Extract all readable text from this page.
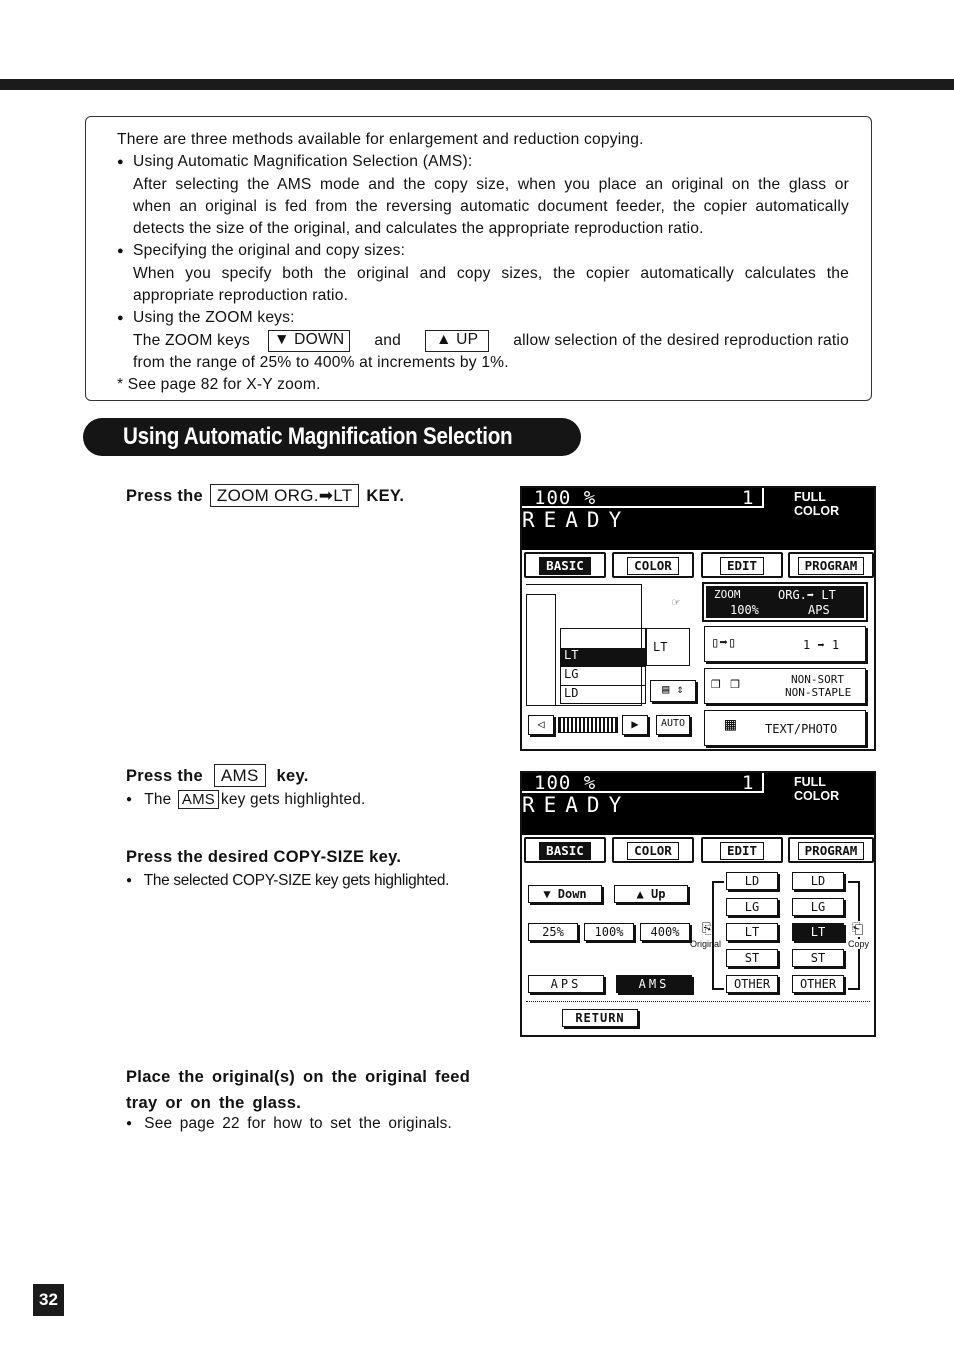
There are three methods available for enlargement and reduction copying.

● Using Automatic Magnification Selection (AMS):

After selecting the AMS mode and the copy size, when you place an original on the glass or

when an original is fed from the reversing automatic document feeder, the copier automatically

detects the size of the original, and calculates the appropriate reproduction ratio.

● Specifying the original and copy sizes:

When you specify both the original and copy sizes, the copier automatically calculates the

appropriate reproduction ratio.

● Using the ZOOM keys:

The ZOOM keys	▼ DOWN	and	▲ UP	allow selection of the desired reproduction ratio

from the range of 25% to 400% at increments by 1%.

* See page 82 for X-Y zoom.

Using Automatic Magnification Selection
Press the ZOOM ORG.➡LT KEY.
Press the AMS key.
● The AMS key gets highlighted.
Press the desired COPY-SIZE key.
● The selected COPY-SIZE key gets highlighted.
Place the original(s) on the original feed
tray or on the glass.
● See page 22 for how to set the originals.
100 %	1	FULL COLOR
READY
BASIC	COLOR	EDIT	PROGRAM
LT
LG
LD
LT
☞
▤ ⇕
◁	▶	AUTO
ZOOM
100%
ORG.➡ LT
APS
▯➡▯	1 ➡ 1
❐ ❐	NON-SORT
NON-STAPLE
▦ TEXT/PHOTO
100 %	1	FULL COLOR
READY
BASIC	COLOR	EDIT	PROGRAM
▼ Down	▲ Up
25%	100%	400%
APS	AMS
⎘
Original
LD
LG
LT
ST
OTHER
LD
LG
LT
ST
OTHER
⎗
Copy
RETURN
32
